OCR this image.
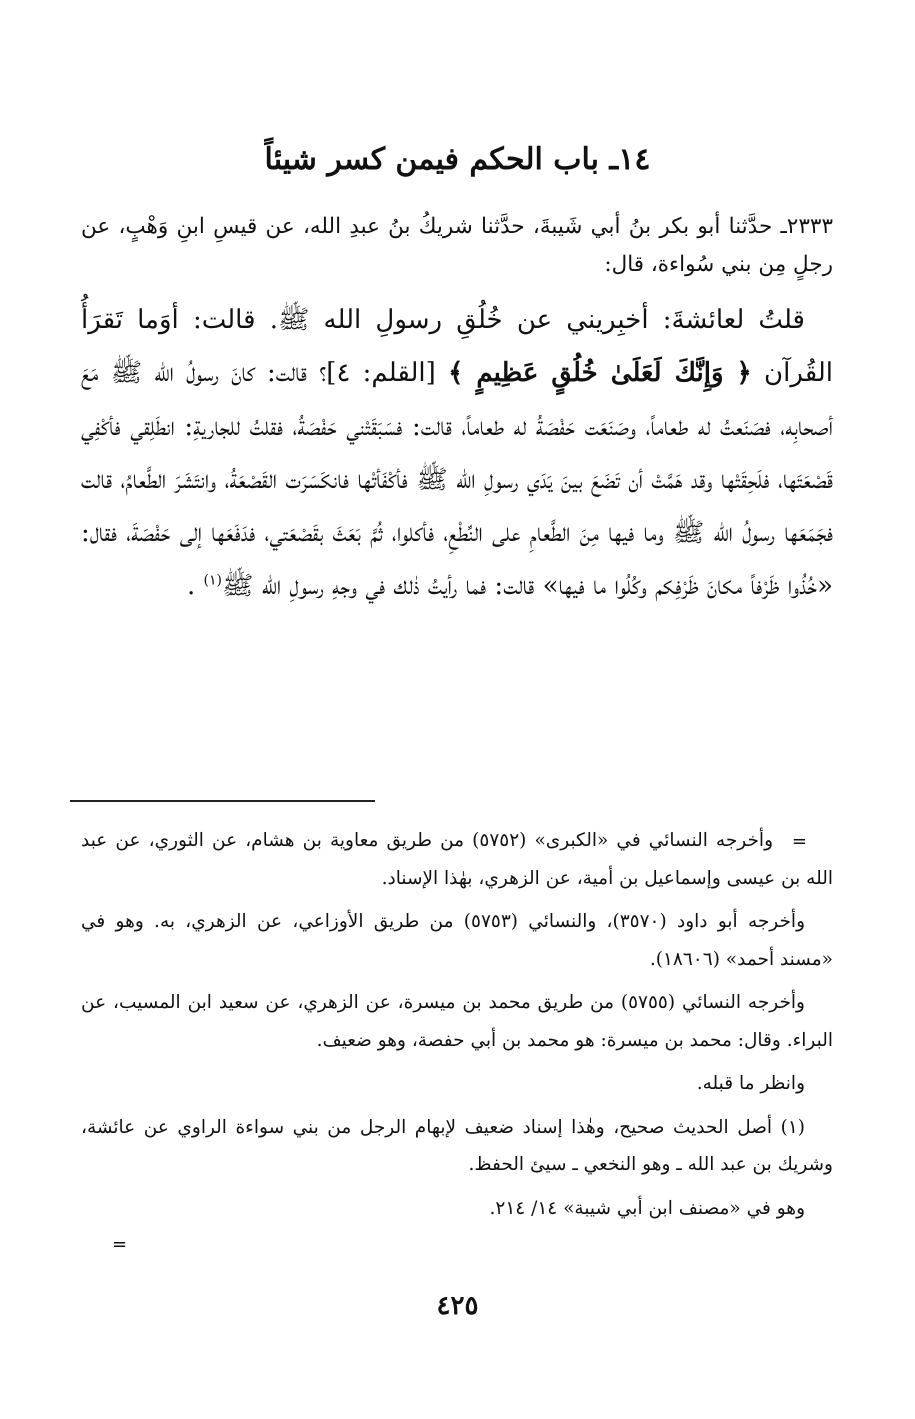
١٤ـ باب الحكم فيمن كسر شيئاً

٢٣٣٣ـ حدَّثنا أبو بكر بنُ أبي شَيبةَ، حدَّثنا شريكُ بنُ عبدِ الله، عن قيسِ ابنِ وَهْبٍ، عن رجلٍ مِن بني سُواءة، قال:

قلتُ لعائشةَ: أخبِريني عن خُلُقِ رسولِ الله ﷺ. قالت: أوَما تَقرَأُ القُرآن ﴿ وَإِنَّكَ لَعَلَىٰ خُلُقٍ عَظِيمٍ ﴾ [القلم: ٤]؟ قالت: كانَ رسولُ الله ﷺ مَعَ أصحابِه، فصَنَعتُ له طعاماً، وصَنَعَت حَفْصَةُ له طعاماً، قالت: فسَبَقَتْني حَفْصَةُ، فقلتُ للجاريةِ: انطَلِقي فأكْفِي قَصْعَتَها، فلَحِقَتْها وقد هَمَّتْ أن تَضَعَ بينَ يَدَي رسولِ الله ﷺ فأكْفَأتْها فانكَسَرَت القَصْعَةُ، وانتَشَرَ الطَّعامُ، قالت فجَمَعَها رسولُ الله ﷺ وما فيها مِنَ الطَّعامِ على النِّطْعِ، فأكلوا، ثُمَّ بَعَثَ بقَصْعَتي، فدَفَعَها إلى حَفْصَةَ، فقال: «خُذُوا ظَرْفاً مكانَ ظَرْفِكم وكُلُوا ما فيها» قالت: فما رأيتُ ذٰلك في وجهِ رسولِ الله ﷺ$^{(١)}$ .

=

وأخرجه النسائي في «الكبرى» (٥٧٥٢) من طريق معاوية بن هشام، عن الثوري، عن عبد الله بن عيسى وإسماعيل بن أمية، عن الزهري، بهٰذا الإسناد.

وأخرجه أبو داود (٣٥٧٠)، والنسائي (٥٧٥٣) من طريق الأوزاعي، عن الزهري، به. وهو في «مسند أحمد» (١٨٦٠٦).

وأخرجه النسائي (٥٧٥٥) من طريق محمد بن ميسرة، عن الزهري، عن سعيد ابن المسيب، عن البراء. وقال: محمد بن ميسرة: هو محمد بن أبي حفصة، وهو ضعيف.

وانظر ما قبله.

(١) أصل الحديث صحيح، وهٰذا إسناد ضعيف لإبهام الرجل من بني سواءة الراوي عن عائشة، وشريك بن عبد الله ـ وهو النخعي ـ سيئ الحفظ.

وهو في «مصنف ابن أبي شيبة» ١٤/ ٢١٤.

=
٤٢٥
